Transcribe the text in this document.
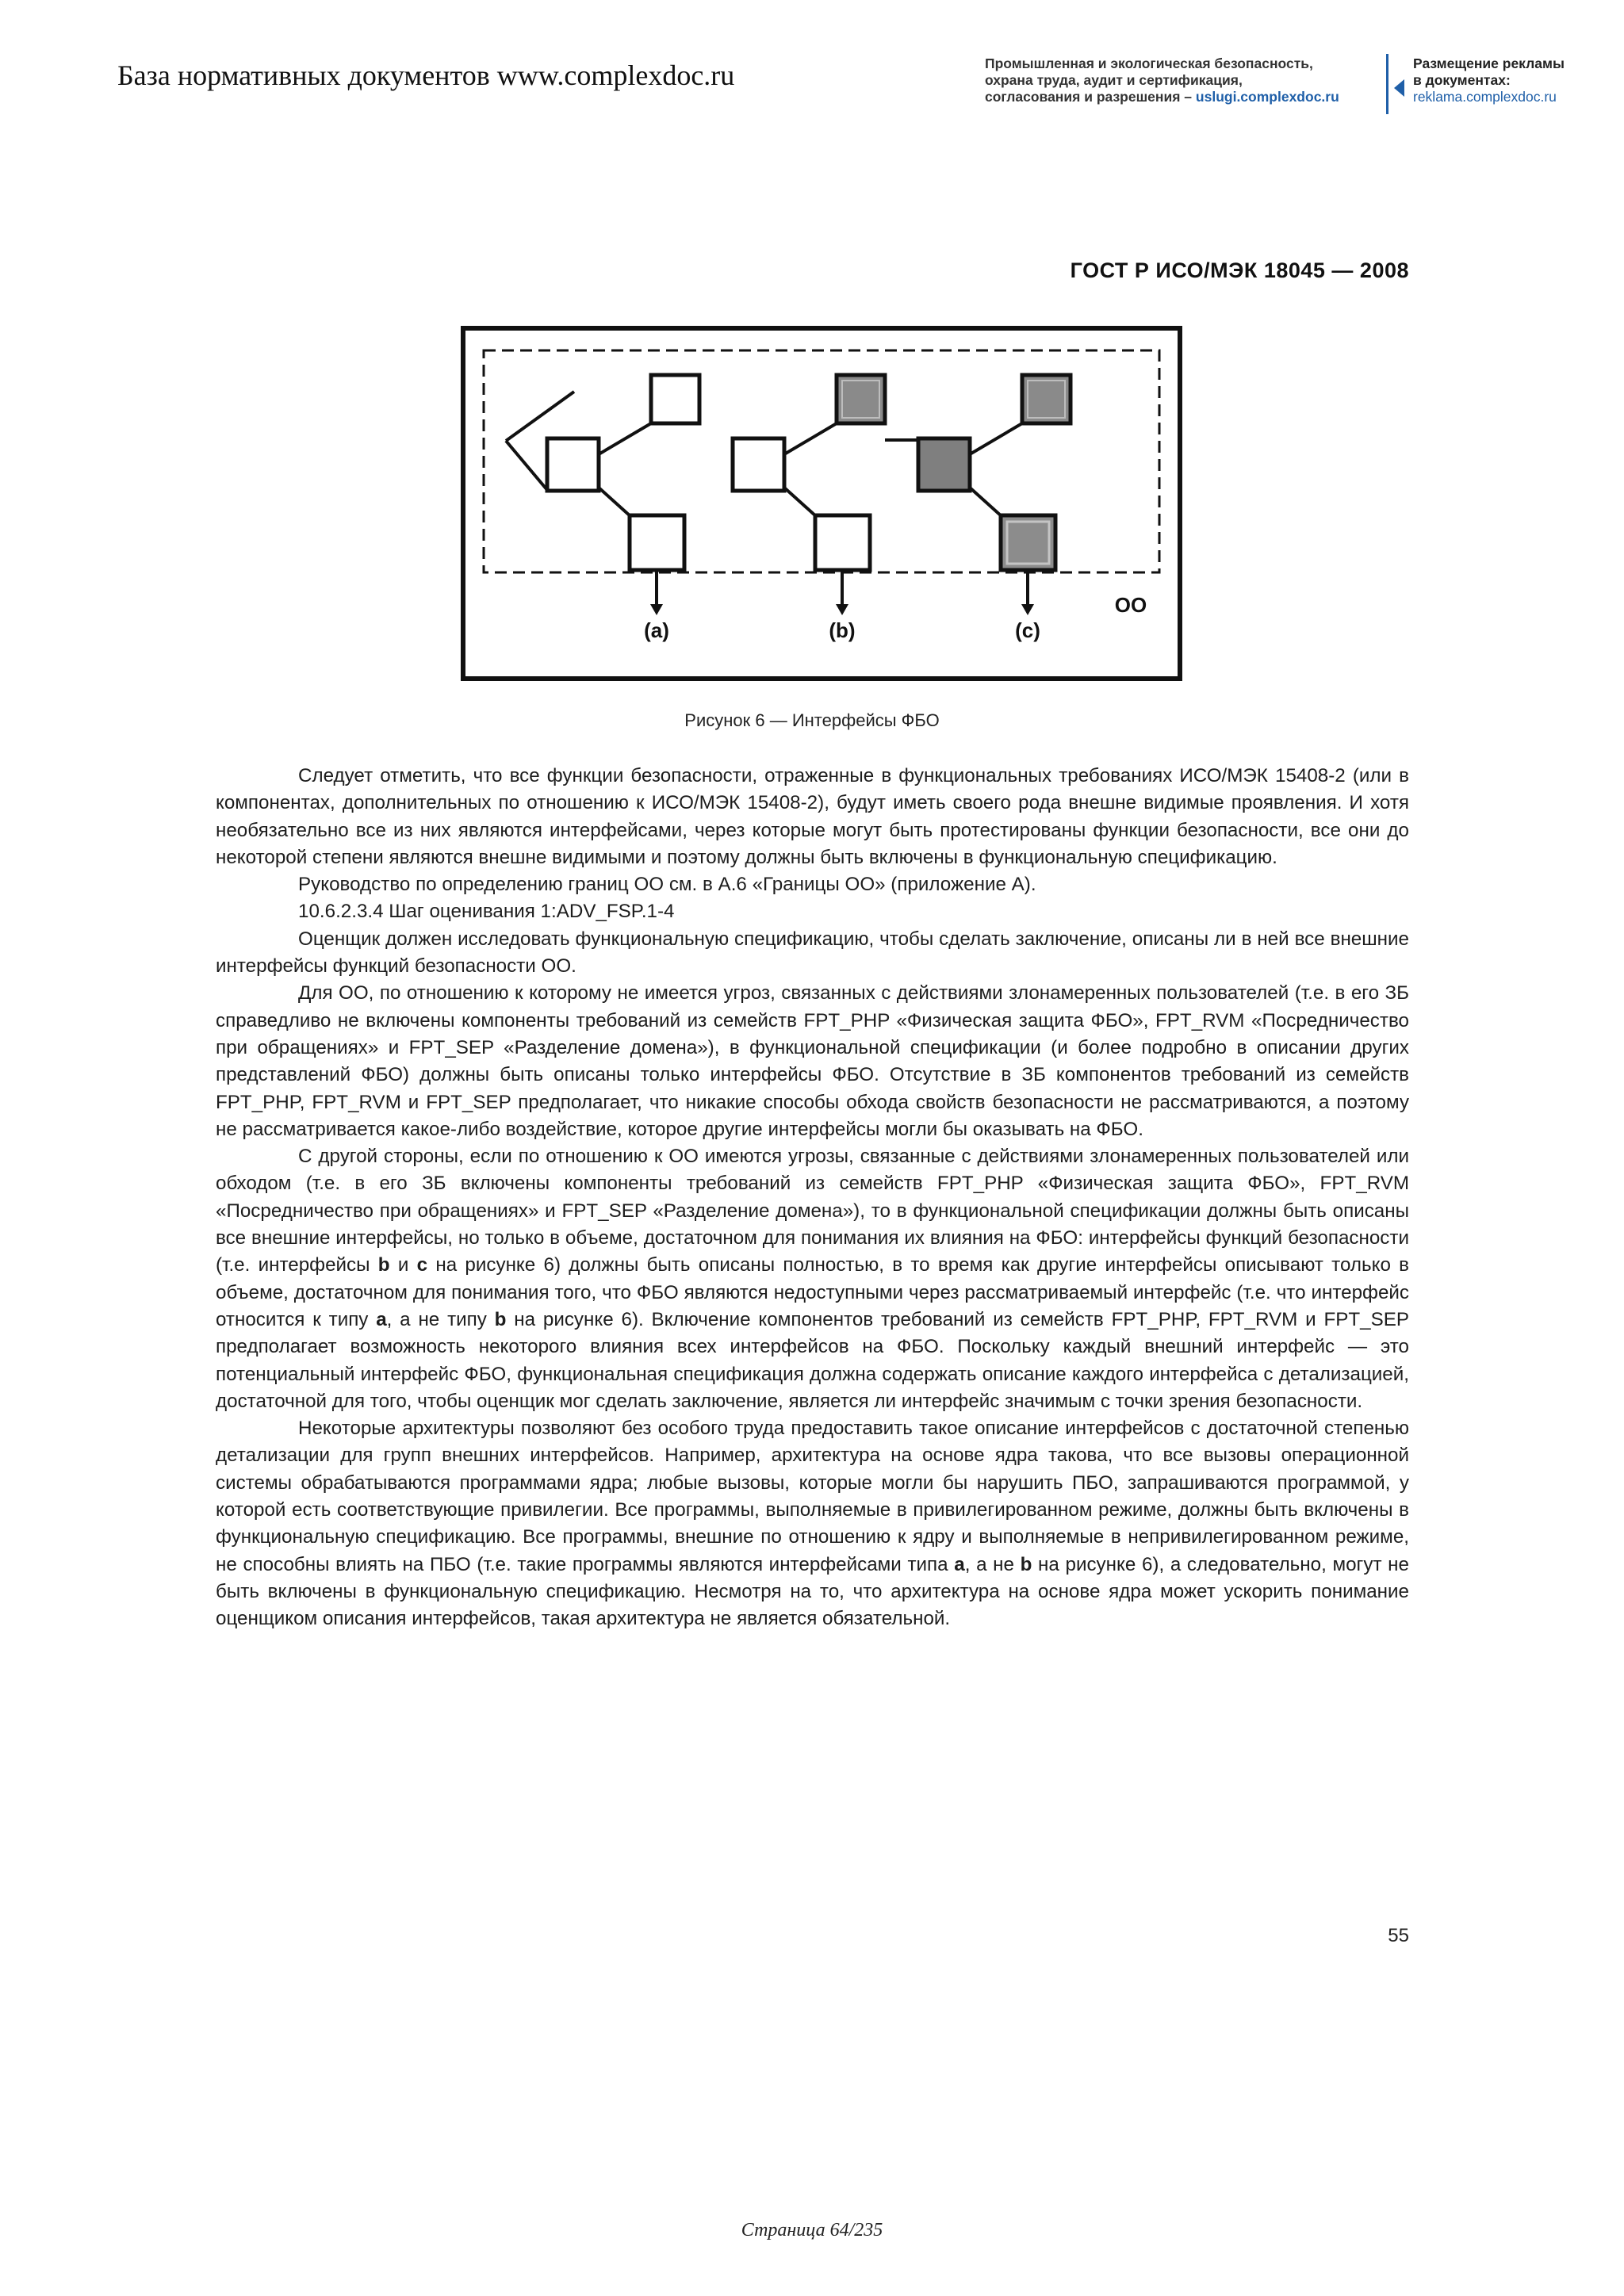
База нормативных документов www.complexdoc.ru	Промышленная и экологическая безопасность,
охрана труда, аудит и сертификация,
согласования и разрешения – uslugi.complexdoc.ru
Размещение рекламы
в документах:
reklama.complexdoc.ru
ГОСТ Р ИСО/МЭК 18045 — 2008
(a)	(b)	(c)
ОО
Рисунок 6 — Интерфейсы ФБО

Следует отметить, что все функции безопасности, отраженные в функциональных требованиях ИСО/МЭК 15408-2 (или в компонентах, дополнительных по отношению к ИСО/МЭК 15408-2), будут иметь своего рода внешне видимые проявления. И хотя необязательно все из них являются интерфейсами, через которые могут быть протестированы функции безопасности, все они до некоторой степени являются внешне видимыми и поэтому должны быть включены в функциональную спецификацию.

Руководство по определению границ ОО см. в А.6 «Границы ОО» (приложение А).

10.6.2.3.4 Шаг оценивания 1:ADV_FSP.1-4

Оценщик должен исследовать функциональную спецификацию, чтобы сделать заключение, описаны ли в ней все внешние интерфейсы функций безопасности ОО.

Для ОО, по отношению к которому не имеется угроз, связанных с действиями злонамеренных пользователей (т.е. в его ЗБ справедливо не включены компоненты требований из семейств FPT_PHP «Физическая защита ФБО», FPT_RVM «Посредничество при обращениях» и FPT_SEP «Разделение домена»), в функциональной спецификации (и более подробно в описании других представлений ФБО) должны быть описаны только интерфейсы ФБО. Отсутствие в ЗБ компонентов требований из семейств FPT_PHP, FPT_RVM и FPT_SEP предполагает, что никакие способы обхода свойств безопасности не рассматриваются, а поэтому не рассматривается какое-либо воздействие, которое другие интерфейсы могли бы оказывать на ФБО.

С другой стороны, если по отношению к ОО имеются угрозы, связанные с действиями злонамеренных пользователей или обходом (т.е. в его ЗБ включены компоненты требований из семейств FPT_PHP «Физическая защита ФБО», FPT_RVM «Посредничество при обращениях» и FPT_SEP «Разделение домена»), то в функциональной спецификации должны быть описаны все внешние интерфейсы, но только в объеме, достаточном для понимания их влияния на ФБО: интерфейсы функций безопасности (т.е. интерфейсы b и c на рисунке 6) должны быть описаны полностью, в то время как другие интерфейсы описывают только в объеме, достаточном для понимания того, что ФБО являются недоступными через рассматриваемый интерфейс (т.е. что интерфейс относится к типу a, а не типу b на рисунке 6). Включение компонентов требований из семейств FPT_PHP, FPT_RVM и FPT_SEP предполагает возможность некоторого влияния всех интерфейсов на ФБО. Поскольку каждый внешний интерфейс — это потенциальный интерфейс ФБО, функциональная спецификация должна содержать описание каждого интерфейса с детализацией, достаточной для того, чтобы оценщик мог сделать заключение, является ли интерфейс значимым с точки зрения безопасности.

Некоторые архитектуры позволяют без особого труда предоставить такое описание интерфейсов с достаточной степенью детализации для групп внешних интерфейсов. Например, архитектура на основе ядра такова, что все вызовы операционной системы обрабатываются программами ядра; любые вызовы, которые могли бы нарушить ПБО, запрашиваются программой, у которой есть соответствующие привилегии. Все программы, выполняемые в привилегированном режиме, должны быть включены в функциональную спецификацию. Все программы, внешние по отношению к ядру и выполняемые в непривилегированном режиме, не способны влиять на ПБО (т.е. такие программы являются интерфейсами типа a, а не b на рисунке 6), а следовательно, могут не быть включены в функциональную спецификацию. Несмотря на то, что архитектура на основе ядра может ускорить понимание оценщиком описания интерфейсов, такая архитектура не является обязательной.

55
Страница 64/235
